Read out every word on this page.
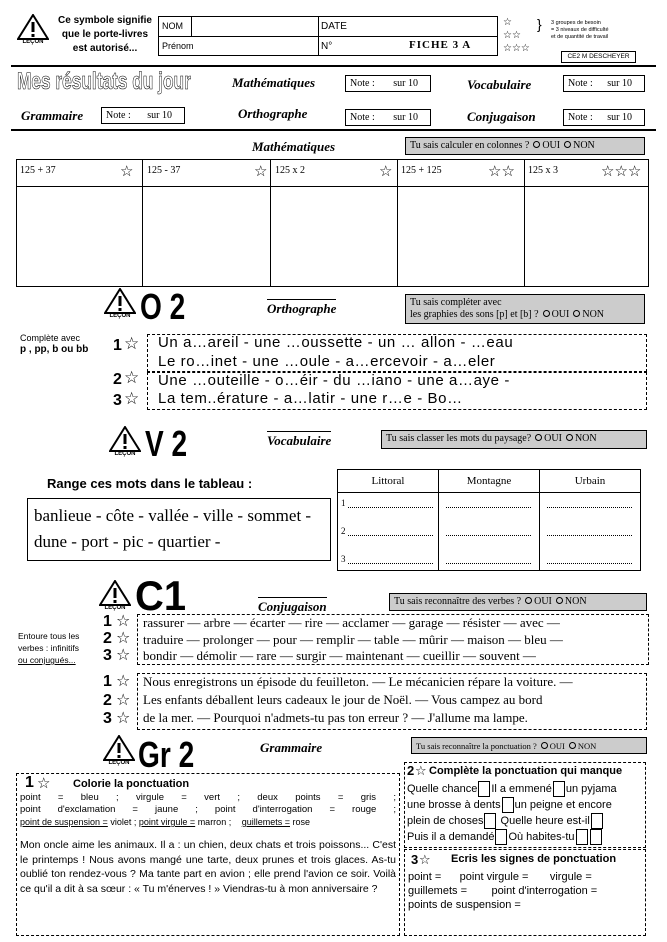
LEÇON
Ce symbole signifie
que le porte-livres
est autorisé...
NOM
Prénom
DATE
N°	FICHE 3 A
☆
☆☆
☆☆☆
} 3 groupes de besoin
= 3 niveaux de difficulté
et de quantité de travail
CE2 M DESCHEYER
Mes résultats du jour	Mathématiques	Note : sur 10	Vocabulaire	Note : sur 10
Grammaire	Note : sur 10	Orthographe	Note : sur 10	Conjugaison	Note : sur 10
Mathématiques	Tu sais calculer en colonnes ? OUI NON
125 + 37	☆ 125 - 37	☆ 125 x 2	☆ 125 + 125	☆☆ 125 x 3	☆☆☆
LEÇON O 2	Orthographe	Tu sais compléter avec
les graphies des sons [p] et [b] ? OUI NON
Complète avec
p , pp, b ou bb 1 ☆
2 ☆
3 ☆
Un a…areil - une …oussette - un … allon - …eau
Le ro…inet - une …oule - a…ercevoir - a…eler
Une …outeille - o…éir - du …iano - une a…aye -
La tem..érature - a…latir - une r…e - Bo…
LEÇON V 2	Vocabulaire	Tu sais classer les mots du paysage? OUI NON
Range ces mots dans le tableau :
banlieue - côte - vallée - ville - sommet -
dune - port - pic - quartier -
Littoral	Montagne	Urbain
1
2
3
LEÇON C1	Conjugaison	Tu sais reconnaître des verbes ? OUI NON
Entoure tous les
verbes : infinitifs
ou conjugués...
1 ☆
2 ☆
3 ☆
rassurer — arbre — écarter — rire — acclamer — garage — résister — avec —
traduire — prolonger — pour — remplir — table — mûrir — maison — bleu —
bondir — démolir — rare — surgir — maintenant — cueillir — souvent —
1 ☆
2 ☆
3 ☆
Nous enregistrons un épisode du feuilleton. — Le mécanicien répare la voiture. —
Les enfants déballent leurs cadeaux le jour de Noël. — Vous campez au bord
de la mer. — Pourquoi n'admets-tu pas ton erreur ? — J'allume ma lampe.
LEÇON Gr 2	Grammaire	Tu sais reconnaître la ponctuation ? OUI NON
1 ☆ Colorie la ponctuation
point = bleu ; virgule = vert ; deux points = gris ;
point d'exclamation = jaune ; point d'interrogation = rouge ;
point de suspension = violet ; point virgule = marron ; guillemets = rose
Mon oncle aime les animaux. Il a : un chien, deux chats et trois poissons... C'est le printemps ! Nous avons mangé une tarte, deux prunes et trois glaces. As-tu oublié ton rendez-vous ? Ma tante part en avion ; elle prend l'avion ce soir. Voilà ce qu'il a dit à sa sœur : « Tu m'énerves ! » Viendras-tu à mon anniversaire ?
2 ☆ Complète la ponctuation qui manque
Quelle chance Il a emmené un pyjama
une brosse à dents un peigne et encore
plein de choses Quelle heure est-il
Puis il a demandé Où habites-tu
3 ☆ Ecris les signes de ponctuation
point =      point virgule =       virgule =
guillemets =        point d'interrogation =
points de suspension =
